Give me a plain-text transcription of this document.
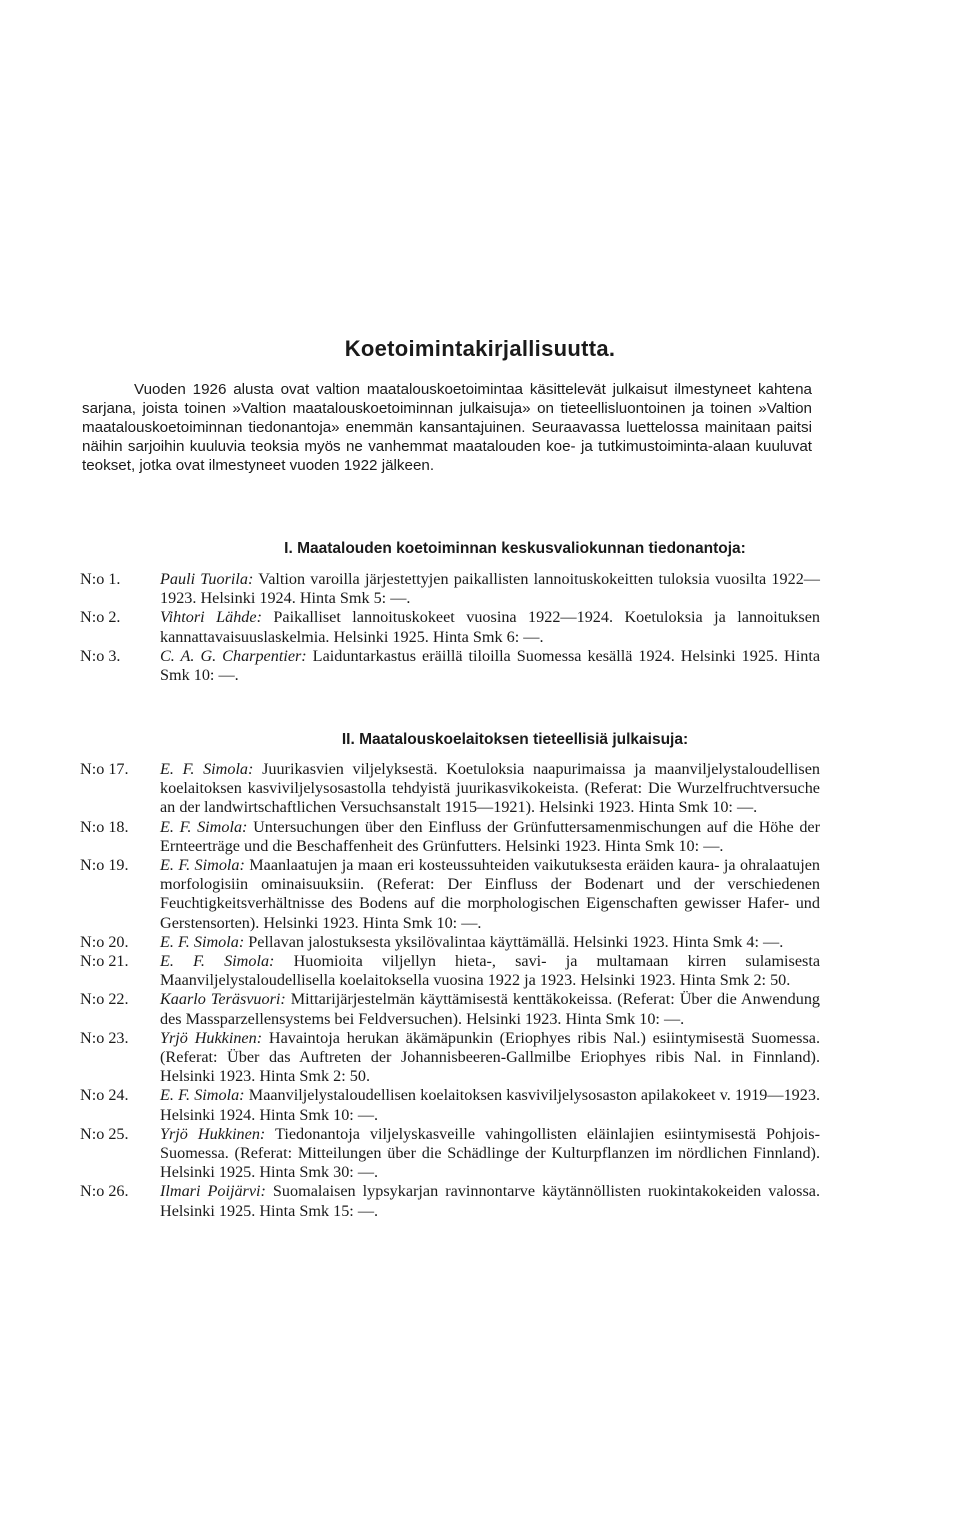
Koetoimintakirjallisuutta.

Vuoden 1926 alusta ovat valtion maatalouskoetoimintaa käsittelevät julkaisut ilmestyneet kahtena sarjana, joista toinen »Valtion maatalouskoetoiminnan julkaisuja» on tieteellisluontoinen ja toinen »Valtion maatalouskoetoiminnan tiedonantoja» enemmän kansantajuinen. Seuraavassa luettelossa mainitaan paitsi näihin sarjoihin kuuluvia teoksia myös ne vanhemmat maatalouden koe- ja tutkimustoiminta-alaan kuuluvat teokset, jotka ovat ilmestyneet vuoden 1922 jälkeen.

I. Maatalouden koetoiminnan keskusvaliokunnan tiedonantoja:
N:o 1.	Pauli Tuorila: Valtion varoilla järjestettyjen paikallisten lannoituskokeitten tuloksia vuosilta 1922—1923. Helsinki 1924. Hinta Smk 5: —.
N:o 2.	Vihtori Lähde: Paikalliset lannoituskokeet vuosina 1922—1924. Koetuloksia ja lannoituksen kannattavaisuuslaskelmia. Helsinki 1925. Hinta Smk 6: —.
N:o 3.	C. A. G. Charpentier: Laiduntarkastus eräillä tiloilla Suomessa kesällä 1924. Helsinki 1925. Hinta Smk 10: —.
II. Maatalouskoelaitoksen tieteellisiä julkaisuja:
N:o 17.	E. F. Simola: Juurikasvien viljelyksestä. Koetuloksia naapurimaissa ja maanviljelystaloudellisen koelaitoksen kasviviljelysosastolla tehdyistä juurikasvikokeista. (Referat: Die Wurzelfruchtversuche an der landwirtschaftlichen Versuchsanstalt 1915—1921). Helsinki 1923. Hinta Smk 10: —.
N:o 18.	E. F. Simola: Untersuchungen über den Einfluss der Grünfuttersamenmischungen auf die Höhe der Ernteerträge und die Beschaffenheit des Grünfutters. Helsinki 1923. Hinta Smk 10: —.
N:o 19.	E. F. Simola: Maanlaatujen ja maan eri kosteussuhteiden vaikutuksesta eräiden kaura- ja ohralaatujen morfologisiin ominaisuuksiin. (Referat: Der Einfluss der Bodenart und der verschiedenen Feuchtigkeitsverhältnisse des Bodens auf die morphologischen Eigenschaften gewisser Hafer- und Gerstensorten). Helsinki 1923. Hinta Smk 10: —.
N:o 20.	E. F. Simola: Pellavan jalostuksesta yksilövalintaa käyttämällä. Helsinki 1923. Hinta Smk 4: —.
N:o 21.	E. F. Simola: Huomioita viljellyn hieta-, savi- ja multamaan kirren sulamisesta Maanviljelystaloudellisella koelaitoksella vuosina 1922 ja 1923. Helsinki 1923. Hinta Smk 2: 50.
N:o 22.	Kaarlo Teräsvuori: Mittarijärjestelmän käyttämisestä kenttäkokeissa. (Referat: Über die Anwendung des Massparzellensystems bei Feldversuchen). Helsinki 1923. Hinta Smk 10: —.
N:o 23.	Yrjö Hukkinen: Havaintoja herukan äkämäpunkin (Eriophyes ribis Nal.) esiintymisestä Suomessa. (Referat: Über das Auftreten der Johannisbeeren-Gallmilbe Eriophyes ribis Nal. in Finnland). Helsinki 1923. Hinta Smk 2: 50.
N:o 24.	E. F. Simola: Maanviljelystaloudellisen koelaitoksen kasviviljelysosaston apilakokeet v. 1919—1923. Helsinki 1924. Hinta Smk 10: —.
N:o 25.	Yrjö Hukkinen: Tiedonantoja viljelyskasveille vahingollisten eläinlajien esiintymisestä Pohjois-Suomessa. (Referat: Mitteilungen über die Schädlinge der Kulturpflanzen im nördlichen Finnland). Helsinki 1925. Hinta Smk 30: —.
N:o 26.	Ilmari Poijärvi: Suomalaisen lypsykarjan ravinnontarve käytännöllisten ruokintakokeiden valossa. Helsinki 1925. Hinta Smk 15: —.
